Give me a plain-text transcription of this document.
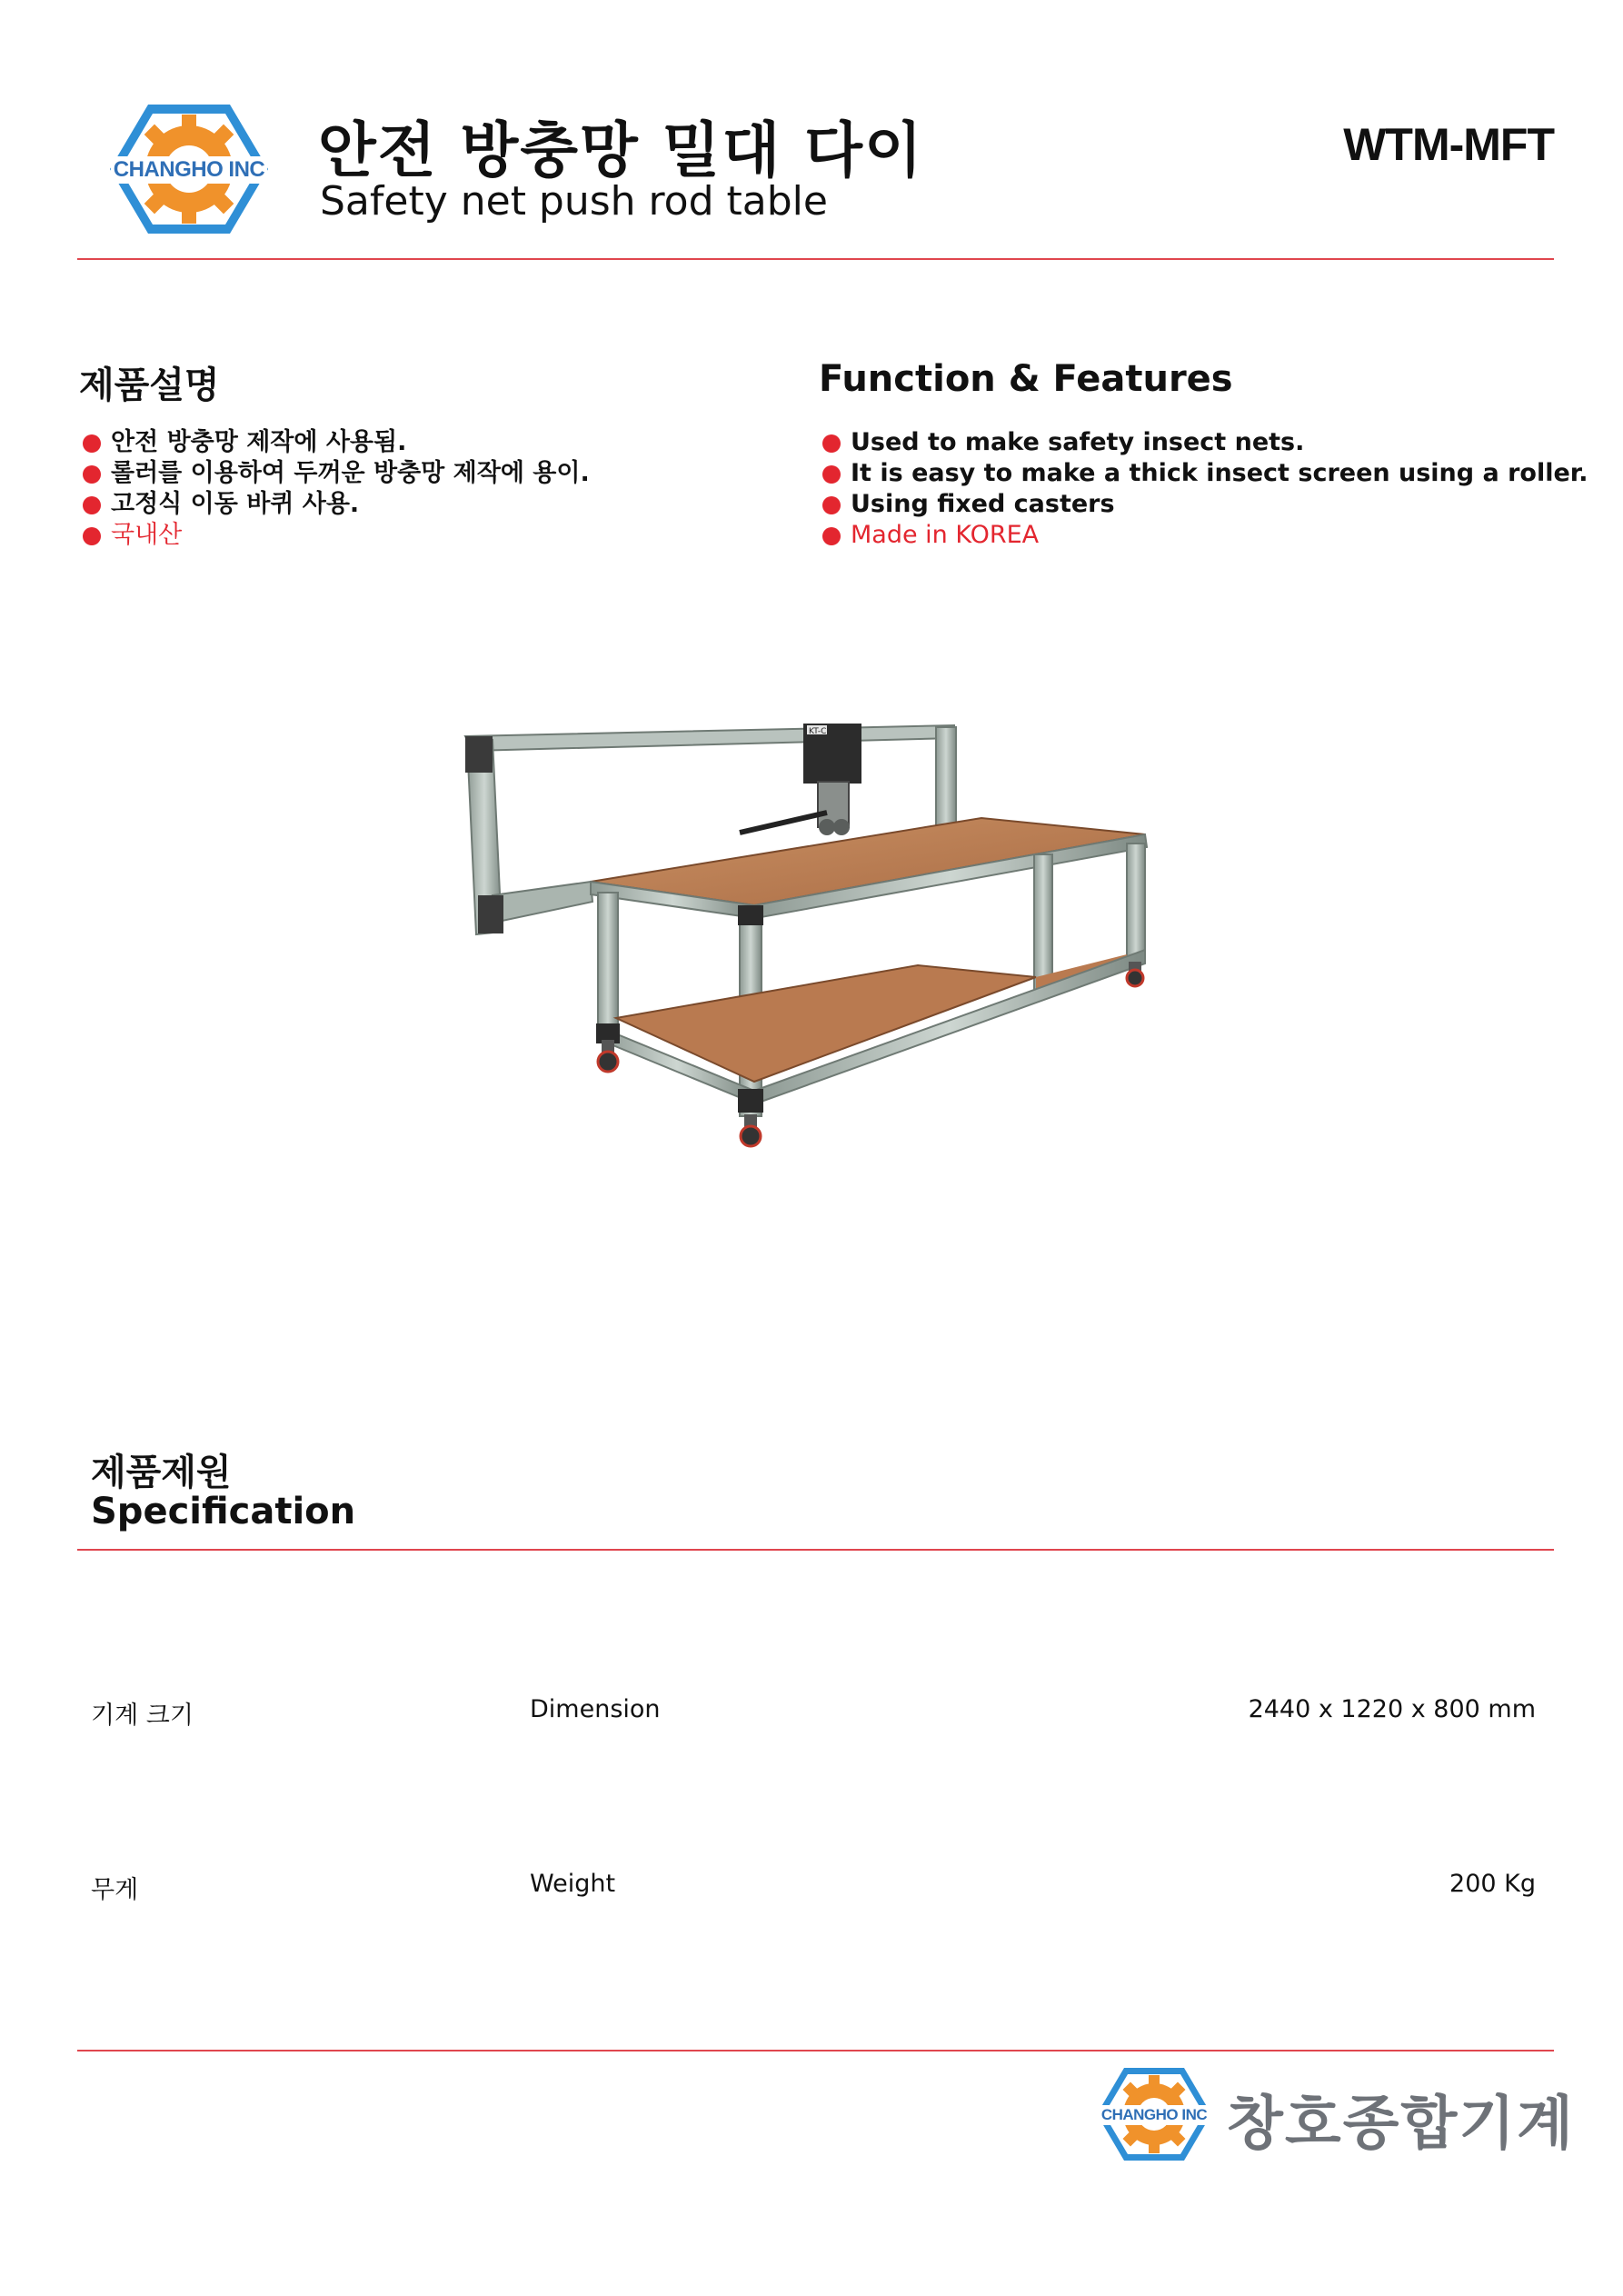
CHANGHO INC 안전 방충망 밀대 다이
Safety net push rod table
WTM-MFT
제품설명
안전 방충망 제작에 사용됨.
롤러를 이용하여 두꺼운 방충망 제작에 용이.
고정식 이동 바퀴 사용.
국내산
Function & Features
Used to make safety insect nets.
It is easy to make a thick insect screen using a roller.
Using fixed casters
Made in KOREA
KT-C
제품제원
Specification
기계 크기	Dimension	2440 x 1220 x 800 mm
무게	Weight	200 Kg
CHANGHO INC 창호종합기계
